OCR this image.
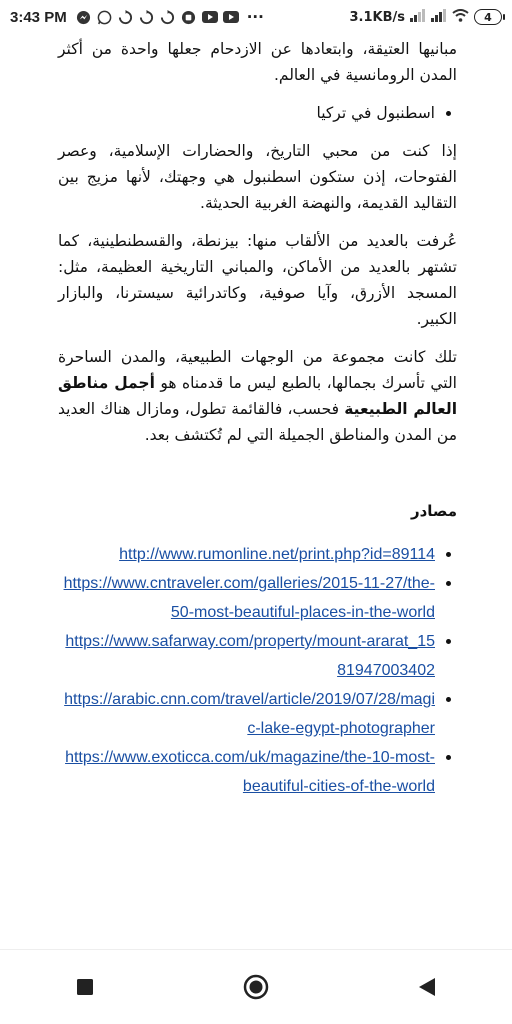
3:43 PM	···	3.1KB/s	4

مبانيها العتيقة، وابتعادها عن الازدحام جعلها واحدة من أكثر المدن الرومانسية في العالم.

• اسطنبول في تركيا

إذا كنت من محبي التاريخ، والحضارات الإسلامية، وعصر الفتوحات، إذن ستكون اسطنبول هي وجهتك، لأنها مزيج بين التقاليد القديمة، والنهضة الغربية الحديثة.

عُرفت بالعديد من الألقاب منها: بيزنطة، والقسطنطينية، كما تشتهر بالعديد من الأماكن، والمباني التاريخية العظيمة، مثل: المسجد الأزرق، وآيا صوفية، وكاتدرائية سيسترنا، والبازار الكبير.

تلك كانت مجموعة من الوجهات الطبيعية، والمدن الساحرة التي تأسرك بجمالها، بالطبع ليس ما قدمناه هو أجمل مناطق العالم الطبيعية فحسب، فالقائمة تطول، ومازال هناك العديد من المدن والمناطق الجميلة التي لم تُكتشف بعد.

مصادر
• http://www.rumonline.net/print.php?id=89114
• https://www.cntraveler.com/galleries/2015-11-27/the-50-most-beautiful-places-in-the-world
• https://www.safarway.com/property/mount-ararat_1581947003402
• https://arabic.cnn.com/travel/article/2019/07/28/magic-lake-egypt-photographer
• https://www.exoticca.com/uk/magazine/the-10-most-beautiful-cities-of-the-world
